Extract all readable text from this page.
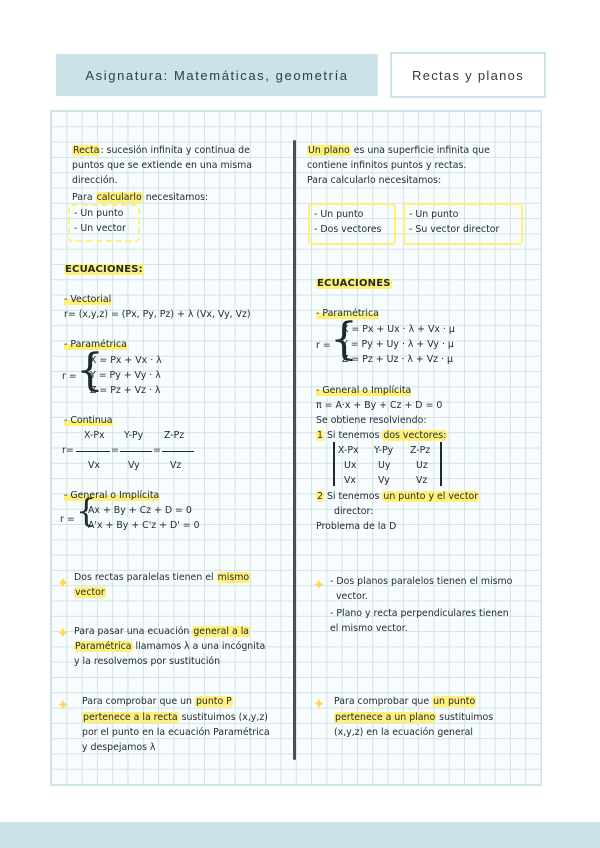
Asignatura: Matemáticas, geometría	Rectas y planos
Recta: sucesión infinita y continua de
puntos que se extiende en una misma
dirección.
Para calcularlo necesitamos:
- Un punto
- Un vector
ECUACIONES:
- Vectorial
r= (x,y,z) = (Px, Py, Pz) + λ (Vx, Vy, Vz)
- Paramétrica
r = {
X = Px + Vx · λ
Y = Py + Vy · λ
Z = Pz + Vz · λ
- Continua
X-Px Y-Py Z-Pz
r=	=	=
Vx	Vy	Vz
- General o Implícita
r = {
Ax + By + Cz + D = 0
A'x + By + C'z + D' = 0
✦ Dos rectas paralelas tienen el mismo
vector
✦ Para pasar una ecuación general a la
Paramétrica llamamos λ a una incógnita
y la resolvemos por sustitución
✦ Para comprobar que un punto P
pertenece a la recta sustituimos (x,y,z)
por el punto en la ecuación Paramétrica
y despejamos λ
Un plano es una superficie infinita que
contiene infinitos puntos y rectas.
Para calcularlo necesitamos:
- Un punto
- Dos vectores
- Un punto
- Su vector director
ECUACIONES
- Paramétrica
r = {
X = Px + Ux · λ + Vx · μ
Y = Py + Uy · λ + Vy · μ
Z = Pz + Uz · λ + Vz · μ
- General o Implícita
π = A·x + By + Cz + D = 0
Se obtiene resolviendo:
1 Si tenemos dos vectores:
X-Px Y-Py Z-Pz
Ux Uy	Uz
Vx Vy	Vz
2 Si tenemos un punto y el vector
director:
Problema de la D
✦ - Dos planos paralelos tienen el mismo
vector.
- Plano y recta perpendiculares tienen
el mismo vector.
✦ Para comprobar que un punto
pertenece a un plano sustituimos
(x,y,z) en la ecuación general
